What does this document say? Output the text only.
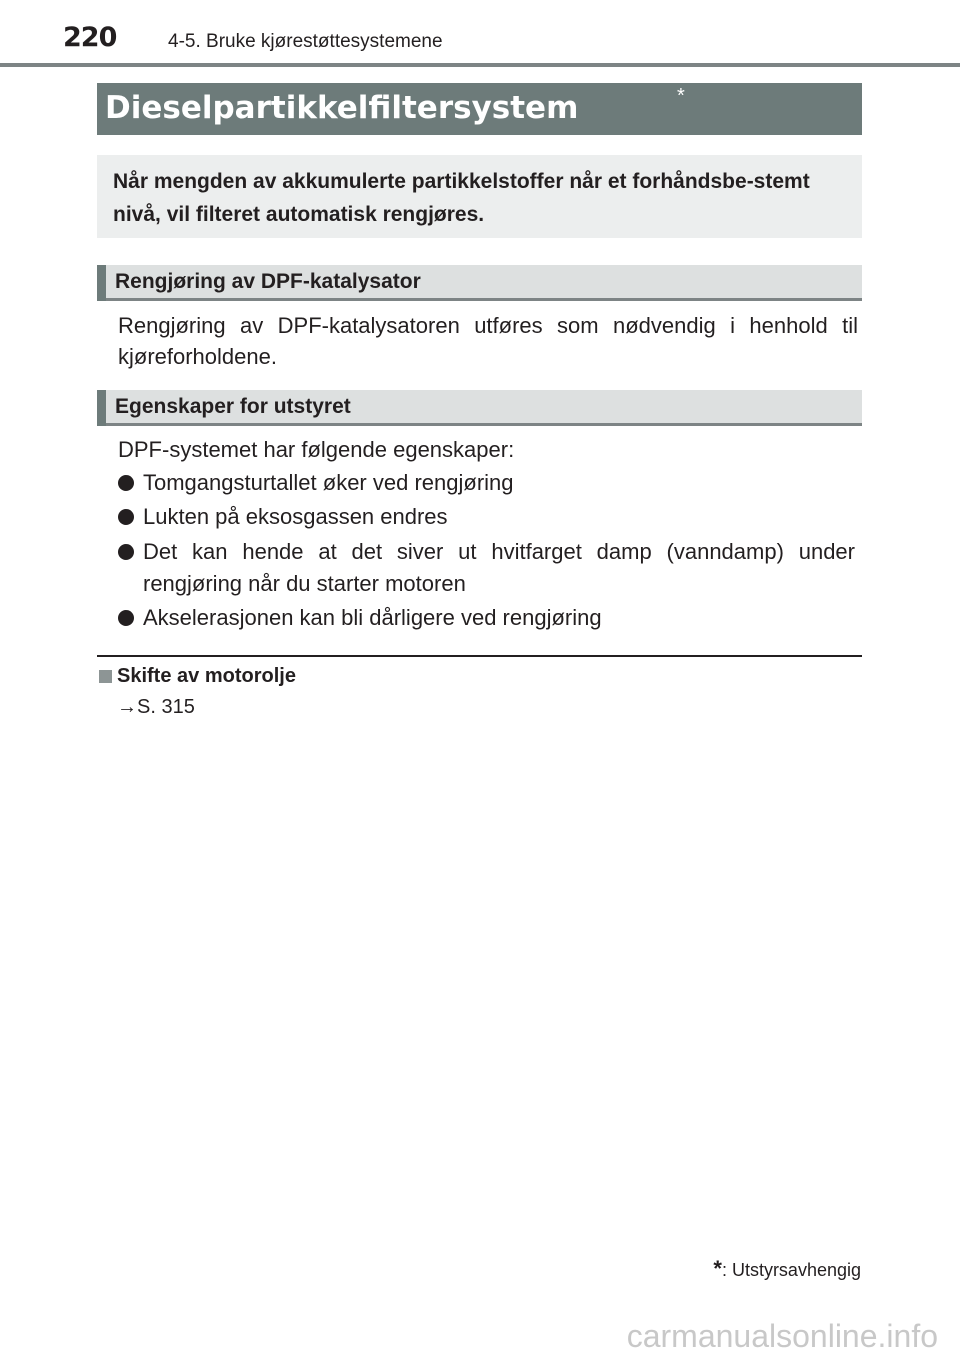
220	4-5. Bruke kjørestøttesystemene
Dieselpartikkelfiltersystem	*
Når mengden av akkumulerte partikkelstoffer når et forhåndsbe-stemt nivå, vil filteret automatisk rengjøres.
Rengjøring av DPF-katalysator
Rengjøring av DPF-katalysatoren utføres som nødvendig i henhold til kjøreforholdene.
Egenskaper for utstyret
DPF-systemet har følgende egenskaper:
Tomgangsturtallet øker ved rengjøring
Lukten på eksosgassen endres
Det kan hende at det siver ut hvitfarget damp (vanndamp) under rengjøring når du starter motoren
Akselerasjonen kan bli dårligere ved rengjøring
Skifte av motorolje
→S. 315
*: Utstyrsavhengig
carmanualsonline.info
